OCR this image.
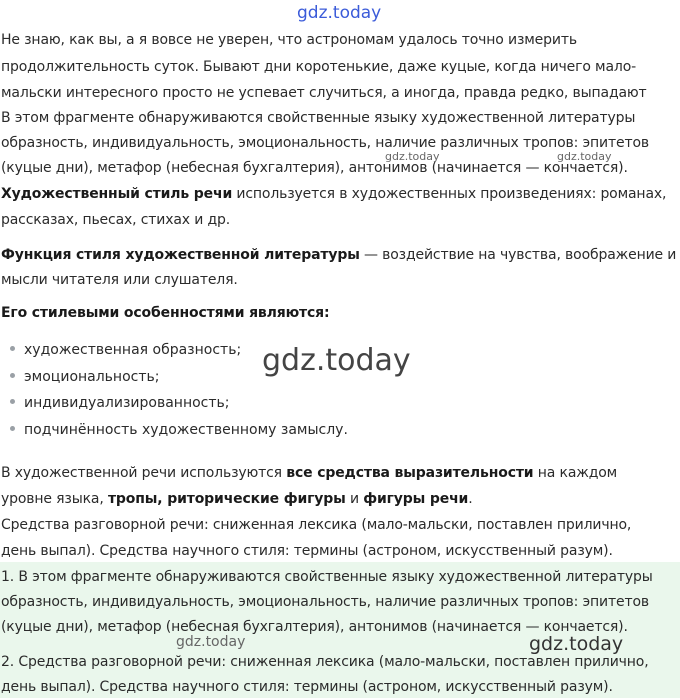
gdz.today

Не знаю, как вы, а я вовсе не уверен, что астрономам удалось точно измерить

продолжительность суток. Бывают дни коротенькие, даже куцые, когда ничего мало-

мальски интересного просто не успевает случиться, а иногда, правда редко, выпадают

В этом фрагменте обнаруживаются свойственные языку художественной литературы

образность, индивидуальность, эмоциональность, наличие различных тропов: эпитетов

(куцые дни), метафор (небесная бухгалтерия), антонимов (начинается — кончается).

gdz.today	gdz.today

Художественный стиль речи используется в художественных произведениях: романах,

рассказах, пьесах, стихах и др.

Функция стиля художественной литературы — воздействие на чувства, воображение и

мысли читателя или слушателя.

Его стилевыми особенностями являются:

художественная образность;
эмоциональность;
индивидуализированность;
подчинённость художественному замыслу.
gdz.today

В художественной речи используются все средства выразительности на каждом

уровне языка, тропы, риторические фигуры и фигуры речи.

Средства разговорной речи: сниженная лексика (мало-мальски, поставлен прилично,

день выпал). Средства научного стиля: термины (астроном, искусственный разум).

1. В этом фрагменте обнаруживаются свойственные языку художественной литературы

образность, индивидуальность, эмоциональность, наличие различных тропов: эпитетов

(куцые дни), метафор (небесная бухгалтерия), антонимов (начинается — кончается).

2. Средства разговорной речи: сниженная лексика (мало-мальски, поставлен прилично,

день выпал). Средства научного стиля: термины (астроном, искусственный разум).

gdz.today	gdz.today
